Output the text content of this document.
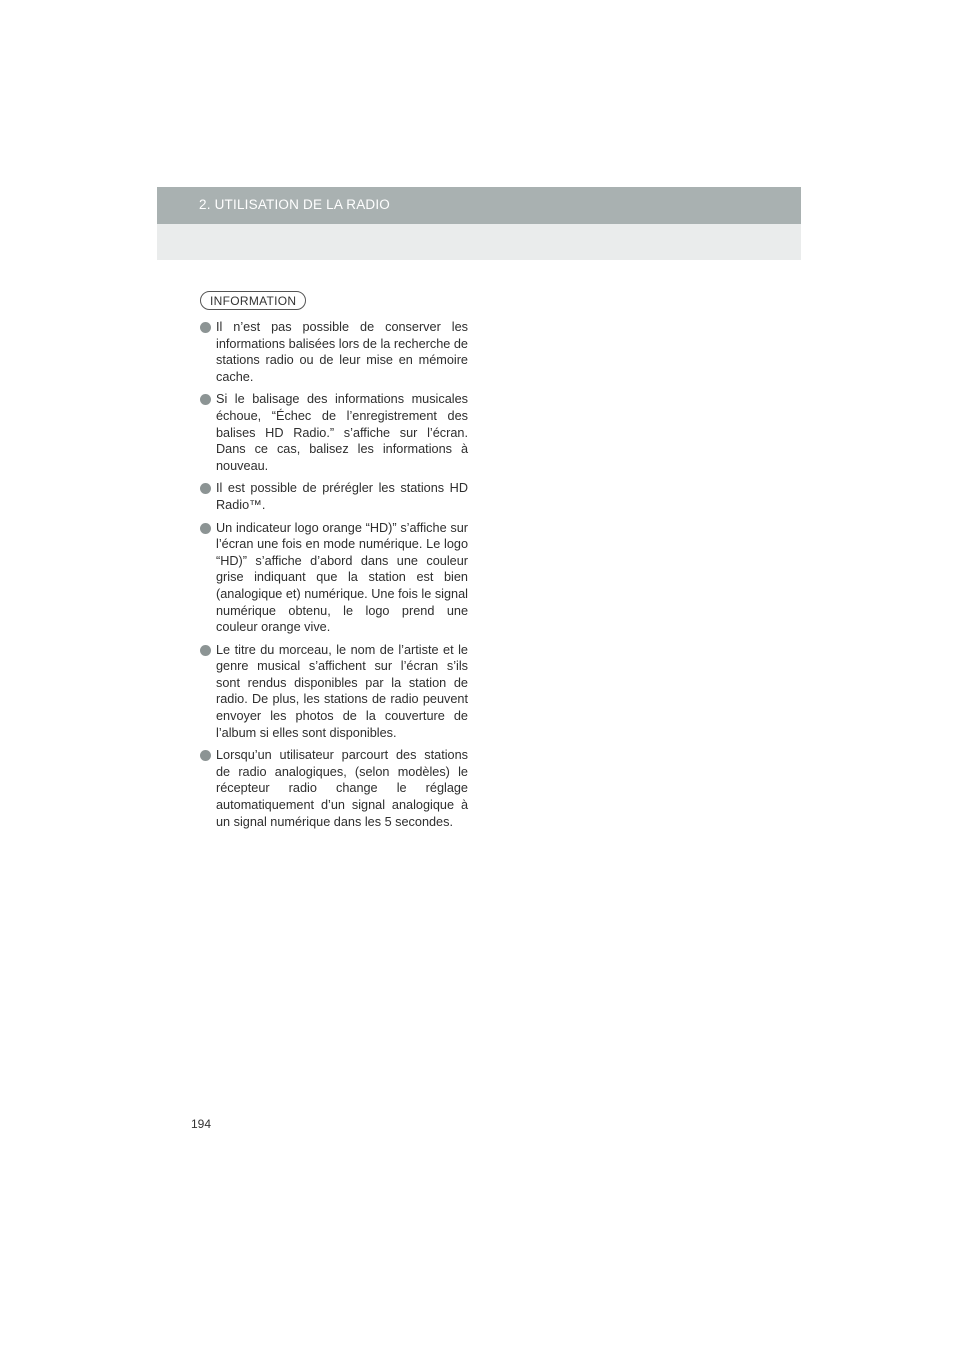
2. UTILISATION DE LA RADIO
INFORMATION
Il n’est pas possible de conserver les informations balisées lors de la recherche de stations radio ou de leur mise en mémoire cache.
Si le balisage des informations musicales échoue, “Échec de l’enregistrement des balises HD Radio.” s’affiche sur l’écran. Dans ce cas, balisez les informations à nouveau.
Il est possible de prérégler les stations HD Radio™.
Un indicateur logo orange “HD)” s’affiche sur l’écran une fois en mode numérique. Le logo “HD)” s’affiche d’abord dans une couleur grise indiquant que la station est bien (analogique et) numérique. Une fois le signal numérique obtenu, le logo prend une couleur orange vive.
Le titre du morceau, le nom de l’artiste et le genre musical s’affichent sur l’écran s’ils sont rendus disponibles par la station de radio. De plus, les stations de radio peuvent envoyer les photos de la couverture de l’album si elles sont disponibles.
Lorsqu’un utilisateur parcourt des stations de radio analogiques, (selon modèles) le récepteur radio change le réglage automatiquement d’un signal analogique à un signal numérique dans les 5 secondes.
194
